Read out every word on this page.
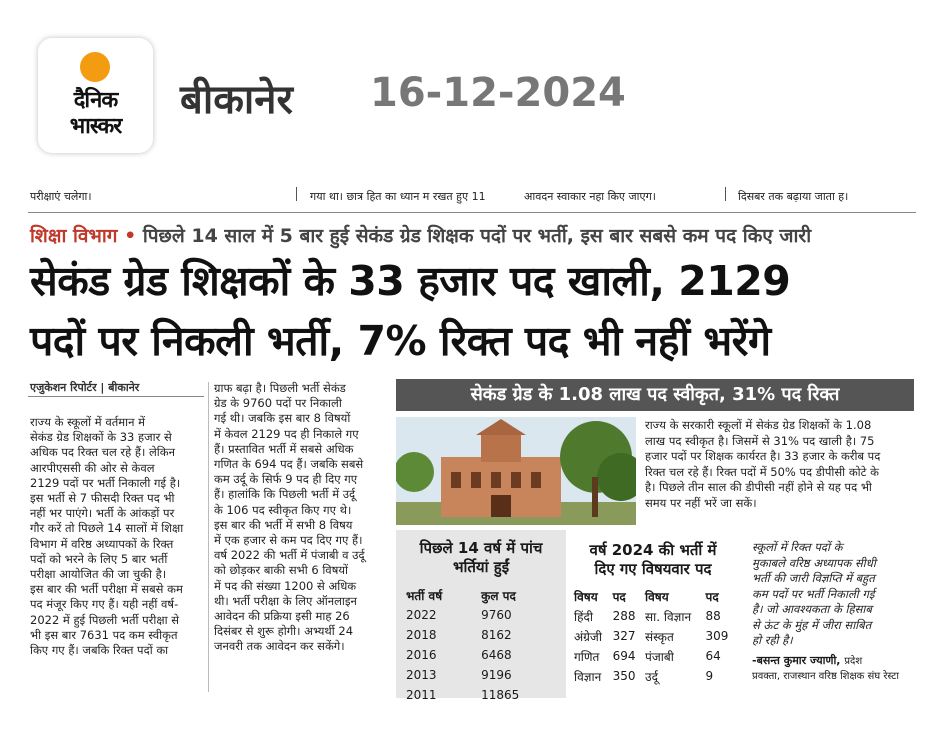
दैनिक
भास्कर
बीकानेर 16-12-2024
परीक्षाएं चलेगा।	गया था। छात्र हित का ध्यान म रखत हुए 11	आवदन स्वाकार नहा किए जाएग।	दिसबर तक बढ़ाया जाता ह।
शिक्षा विभाग • पिछले 14 साल में 5 बार हुई सेकंड ग्रेड शिक्षक पदों पर भर्ती, इस बार सबसे कम पद किए जारी
सेकंड ग्रेड शिक्षकों के 33 हजार पद खाली, 2129
पदों पर निकली भर्ती, 7% रिक्त पद भी नहीं भरेंगे
एजुकेशन रिपोर्टर | बीकानेर
राज्य के स्कूलों में वर्तमान में
सेकंड ग्रेड शिक्षकों के 33 हजार से
अधिक पद रिक्त चल रहे हैं। लेकिन
आरपीएससी की ओर से केवल
2129 पदों पर भर्ती निकाली गई है।
इस भर्ती से 7 फीसदी रिक्त पद भी
नहीं भर पाएंगे। भर्ती के आंकड़ों पर
गौर करें तो पिछले 14 सालों में शिक्षा
विभाग में वरिष्ठ अध्यापकों के रिक्त
पदों को भरने के लिए 5 बार भर्ती
परीक्षा आयोजित की जा चुकी है।
इस बार की भर्ती परीक्षा में सबसे कम
पद मंजूर किए गए हैं। यही नहीं वर्ष-
2022 में हुई पिछली भर्ती परीक्षा से
भी इस बार 7631 पद कम स्वीकृत
किए गए हैं। जबकि रिक्त पदों का
ग्राफ बढ़ा है। पिछली भर्ती सेकंड
ग्रेड के 9760 पदों पर निकाली
गई थी। जबकि इस बार 8 विषयों
में केवल 2129 पद ही निकाले गए
हैं। प्रस्तावित भर्ती में सबसे अधिक
गणित के 694 पद हैं। जबकि सबसे
कम उर्दू के सिर्फ 9 पद ही दिए गए
हैं। हालांकि कि पिछली भर्ती में उर्दू
के 106 पद स्वीकृत किए गए थे।
इस बार की भर्ती में सभी 8 विषय
में एक हजार से कम पद दिए गए हैं।
वर्ष 2022 की भर्ती में पंजाबी व उर्दू
को छोड़कर बाकी सभी 6 विषयों
में पद की संख्या 1200 से अधिक
थी। भर्ती परीक्षा के लिए ऑनलाइन
आवेदन की प्रक्रिया इसी माह 26
दिसंबर से शुरू होगी। अभ्यर्थी 24
जनवरी तक आवेदन कर सकेंगे।
सेकंड ग्रेड के 1.08 लाख पद स्वीकृत, 31% पद रिक्त
राज्य के सरकारी स्कूलों में सेकंड ग्रेड शिक्षकों के 1.08
लाख पद स्वीकृत है। जिसमें से 31% पद खाली है। 75
हजार पदों पर शिक्षक कार्यरत है। 33 हजार के करीब पद
रिक्त चल रहे हैं। रिक्त पदों में 50% पद डीपीसी कोटे के
है। पिछले तीन साल की डीपीसी नहीं होने से यह पद भी
समय पर नहीं भरें जा सकें।
पिछले 14 वर्ष में पांच
भर्तियां हुईं
भर्ती वर्ष	कुल पद
2022	9760
2018	8162
2016	6468
2013	9196
2011	11865
वर्ष 2024 की भर्ती में
दिए गए विषयवार पद
विषय	पद	विषय	पद
हिंदी	288	सा. विज्ञान	88
अंग्रेजी	327	संस्कृत	309
गणित	694	पंजाबी	64
विज्ञान	350	उर्दू	9
स्कूलों में रिक्त पदों के
मुकाबले वरिष्ठ अध्यापक सीधी
भर्ती की जारी विज्ञप्ति में बहुत
कम पदों पर भर्ती निकाली गई
है। जो आवश्यकता के हिसाब
से ऊंट के मुंह में जीरा साबित
हो रही है।
-बसन्त कुमार ज्याणी, प्रदेश
प्रवक्ता, राजस्थान वरिष्ठ शिक्षक संघ रेस्टा
